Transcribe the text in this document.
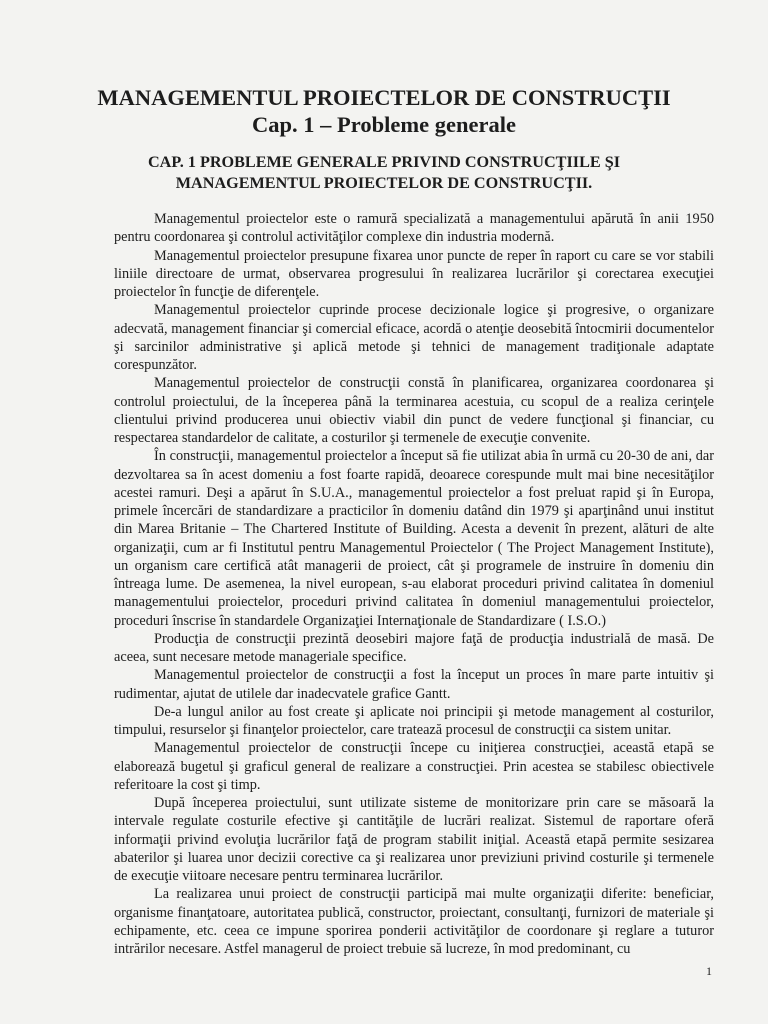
MANAGEMENTUL PROIECTELOR DE CONSTRUCŢII
Cap. 1 – Probleme generale
CAP. 1 PROBLEME GENERALE PRIVIND CONSTRUCŢIILE ŞI
MANAGEMENTUL PROIECTELOR DE CONSTRUCŢII.

Managementul proiectelor este o ramură specializată a managementului apărută în anii 1950 pentru coordonarea şi controlul activităţilor complexe din industria modernă.

Managementul proiectelor presupune fixarea unor puncte de reper în raport cu care se vor stabili liniile directoare de urmat, observarea progresului în realizarea lucrărilor şi corectarea execuţiei proiectelor în funcţie de diferenţele.

Managementul proiectelor cuprinde procese decizionale logice şi progresive, o organizare adecvată, management financiar şi comercial eficace, acordă o atenţie deosebită întocmirii documentelor şi sarcinilor administrative şi aplică metode şi tehnici de management tradiţionale adaptate corespunzător.

Managementul proiectelor de construcţii constă în planificarea, organizarea coordonarea şi controlul proiectului, de la începerea până la terminarea acestuia, cu scopul de a realiza cerinţele clientului privind producerea unui obiectiv viabil din punct de vedere funcţional şi financiar, cu respectarea standardelor de calitate, a costurilor şi termenele de execuţie convenite.

În construcţii, managementul proiectelor a început să fie utilizat abia în urmă cu 20-30 de ani, dar dezvoltarea sa în acest domeniu a fost foarte rapidă, deoarece corespunde mult mai bine necesităţilor acestei ramuri. Deşi a apărut în S.U.A., managementul proiectelor a fost preluat rapid şi în Europa, primele încercări de standardizare a practicilor în domeniu datând din 1979 şi aparţinând unui institut din Marea Britanie – The Chartered Institute of Building. Acesta a devenit în prezent, alături de alte organizaţii, cum ar fi Institutul pentru Managementul Proiectelor ( The Project Management Institute), un organism care certifică atât managerii de proiect, cât şi programele de instruire în domeniu din întreaga lume. De asemenea, la nivel european, s-au elaborat proceduri privind calitatea în domeniul managementului proiectelor, proceduri privind calitatea în domeniul managementului proiectelor, proceduri înscrise în standardele Organizaţiei Internaţionale de Standardizare ( I.S.O.)

Producţia de construcţii prezintă deosebiri majore faţă de producţia industrială de masă. De aceea, sunt necesare metode manageriale specifice.

Managementul proiectelor de construcţii a fost la început un proces în mare parte intuitiv şi rudimentar, ajutat de utilele dar inadecvatele grafice Gantt.

De-a lungul anilor au fost create şi aplicate noi principii şi metode management al costurilor, timpului, resurselor şi finanţelor proiectelor, care tratează procesul de construcţii ca sistem unitar.

Managementul proiectelor de construcţii începe cu iniţierea construcţiei, această etapă se elaborează bugetul şi graficul general de realizare a construcţiei. Prin acestea se stabilesc obiectivele referitoare la cost şi timp.

După începerea proiectului, sunt utilizate sisteme de monitorizare prin care se măsoară la intervale regulate costurile efective şi cantităţile de lucrări realizat. Sistemul de raportare oferă informaţii privind evoluţia lucrărilor faţă de program stabilit iniţial. Această etapă permite sesizarea abaterilor şi luarea unor decizii corective ca şi realizarea unor previziuni privind costurile şi termenele de execuţie viitoare necesare pentru terminarea lucrărilor.

La realizarea unui proiect de construcţii participă mai multe organizaţii diferite: beneficiar, organisme finanţatoare, autoritatea publică, constructor, proiectant, consultanţi, furnizori de materiale şi echipamente, etc. ceea ce impune sporirea ponderii activităţilor de coordonare şi reglare a tuturor intrărilor necesare. Astfel managerul de proiect trebuie să lucreze, în mod predominant, cu

1
